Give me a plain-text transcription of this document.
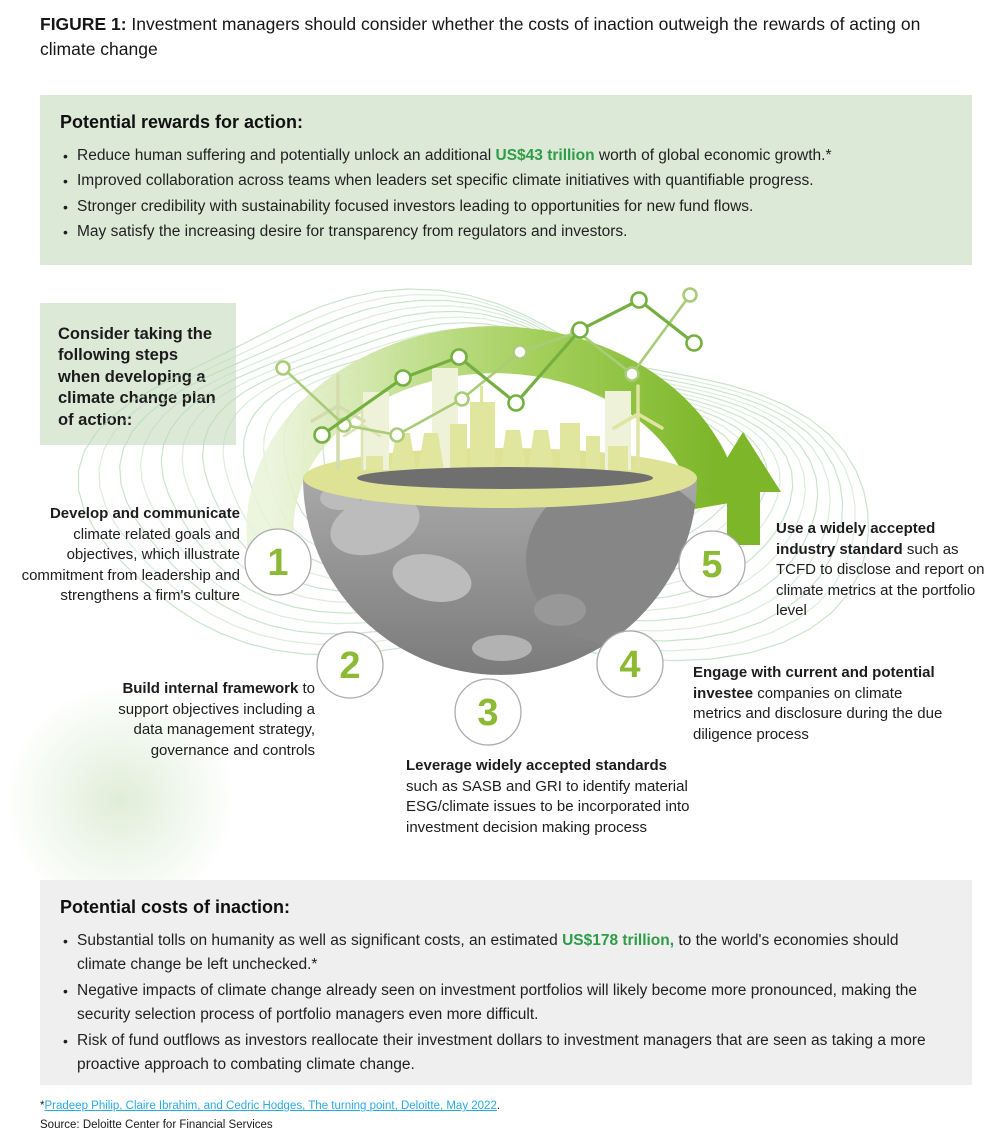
FIGURE 1: Investment managers should consider whether the costs of inaction outweigh the rewards of acting on climate change
Potential rewards for action:
• Reduce human suffering and potentially unlock an additional US$43 trillion worth of global economic growth.*
• Improved collaboration across teams when leaders set specific climate initiatives with quantifiable progress.
• Stronger credibility with sustainability focused investors leading to opportunities for new fund flows.
• May satisfy the increasing desire for transparency from regulators and investors.
Consider taking the following steps when developing a climate change plan of action:
1
2
3
4
5
Develop and communicate climate related goals and objectives, which illustrate commitment from leadership and strengthens a firm's culture
Build internal framework to support objectives including a data management strategy, governance and controls
Leverage widely accepted standards such as SASB and GRI to identify material ESG/climate issues to be incorporated into investment decision making process
Engage with current and potential investee companies on climate metrics and disclosure during the due diligence process
Use a widely accepted industry standard such as TCFD to disclose and report on climate metrics at the portfolio level
Potential costs of inaction:
• Substantial tolls on humanity as well as significant costs, an estimated US$178 trillion, to the world's economies should climate change be left unchecked.*
• Negative impacts of climate change already seen on investment portfolios will likely become more pronounced, making the security selection process of portfolio managers even more difficult.
• Risk of fund outflows as investors reallocate their investment dollars to investment managers that are seen as taking a more proactive approach to combating climate change.
*Pradeep Philip, Claire Ibrahim, and Cedric Hodges, The turning point, Deloitte, May 2022.
Source: Deloitte Center for Financial Services
